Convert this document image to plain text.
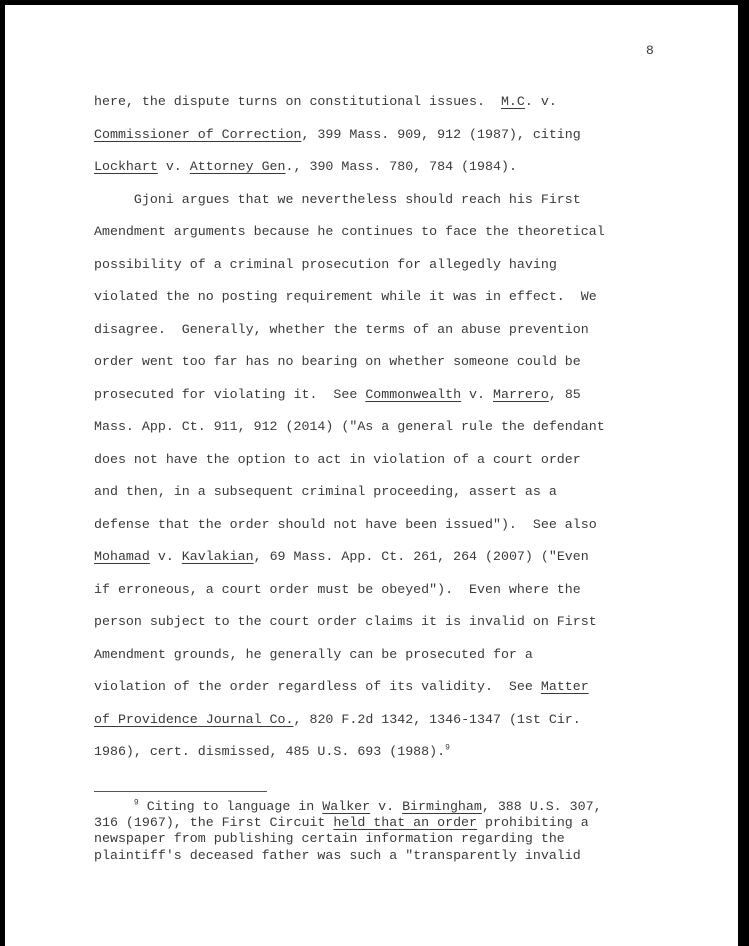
8
here, the dispute turns on constitutional issues.  M.C. v.
Commissioner of Correction, 399 Mass. 909, 912 (1987), citing
Lockhart v. Attorney Gen., 390 Mass. 780, 784 (1984).
Gjoni argues that we nevertheless should reach his First
Amendment arguments because he continues to face the theoretical
possibility of a criminal prosecution for allegedly having
violated the no posting requirement while it was in effect.  We
disagree.  Generally, whether the terms of an abuse prevention
order went too far has no bearing on whether someone could be
prosecuted for violating it.  See Commonwealth v. Marrero, 85
Mass. App. Ct. 911, 912 (2014) ("As a general rule the defendant
does not have the option to act in violation of a court order
and then, in a subsequent criminal proceeding, assert as a
defense that the order should not have been issued").  See also
Mohamad v. Kavlakian, 69 Mass. App. Ct. 261, 264 (2007) ("Even
if erroneous, a court order must be obeyed").  Even where the
person subject to the court order claims it is invalid on First
Amendment grounds, he generally can be prosecuted for a
violation of the order regardless of its validity.  See Matter
of Providence Journal Co., 820 F.2d 1342, 1346-1347 (1st Cir.
1986), cert. dismissed, 485 U.S. 693 (1988).$^9$
$^9$ Citing to language in Walker v. Birmingham, 388 U.S. 307,
316 (1967), the First Circuit held that an order prohibiting a
newspaper from publishing certain information regarding the
plaintiff's deceased father was such a "transparently invalid
